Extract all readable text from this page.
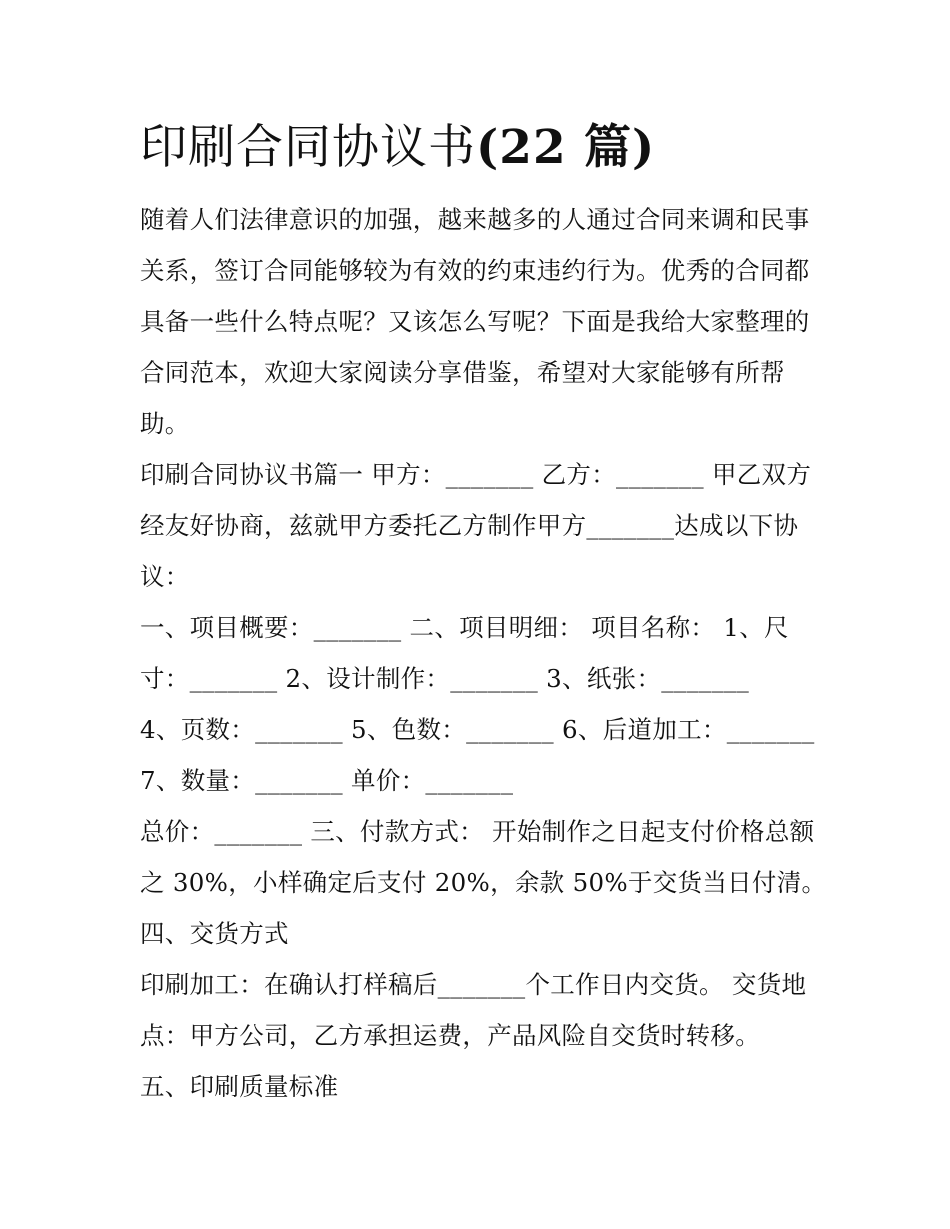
印刷合同协议书(22 篇)

随着人们法律意识的加强，越来越多的人通过合同来调和民事

关系，签订合同能够较为有效的约束违约行为。优秀的合同都

具备一些什么特点呢？又该怎么写呢？下面是我给大家整理的

合同范本，欢迎大家阅读分享借鉴，希望对大家能够有所帮

助。

印刷合同协议书篇一 甲方：_______ 乙方：_______ 甲乙双方

经友好协商，兹就甲方委托乙方制作甲方_______达成以下协

议：

一、项目概要：_______ 二、项目明细： 项目名称： 1、尺

寸：_______ 2、设计制作：_______ 3、纸张：_______

4、页数：_______ 5、色数：_______ 6、后道加工：_______

7、数量：_______ 单价：_______

总价：_______ 三、付款方式： 开始制作之日起支付价格总额

之 30%，小样确定后支付 20%，余款 50%于交货当日付清。

四、交货方式

印刷加工：在确认打样稿后_______个工作日内交货。 交货地

点：甲方公司，乙方承担运费，产品风险自交货时转移。

五、印刷质量标准
